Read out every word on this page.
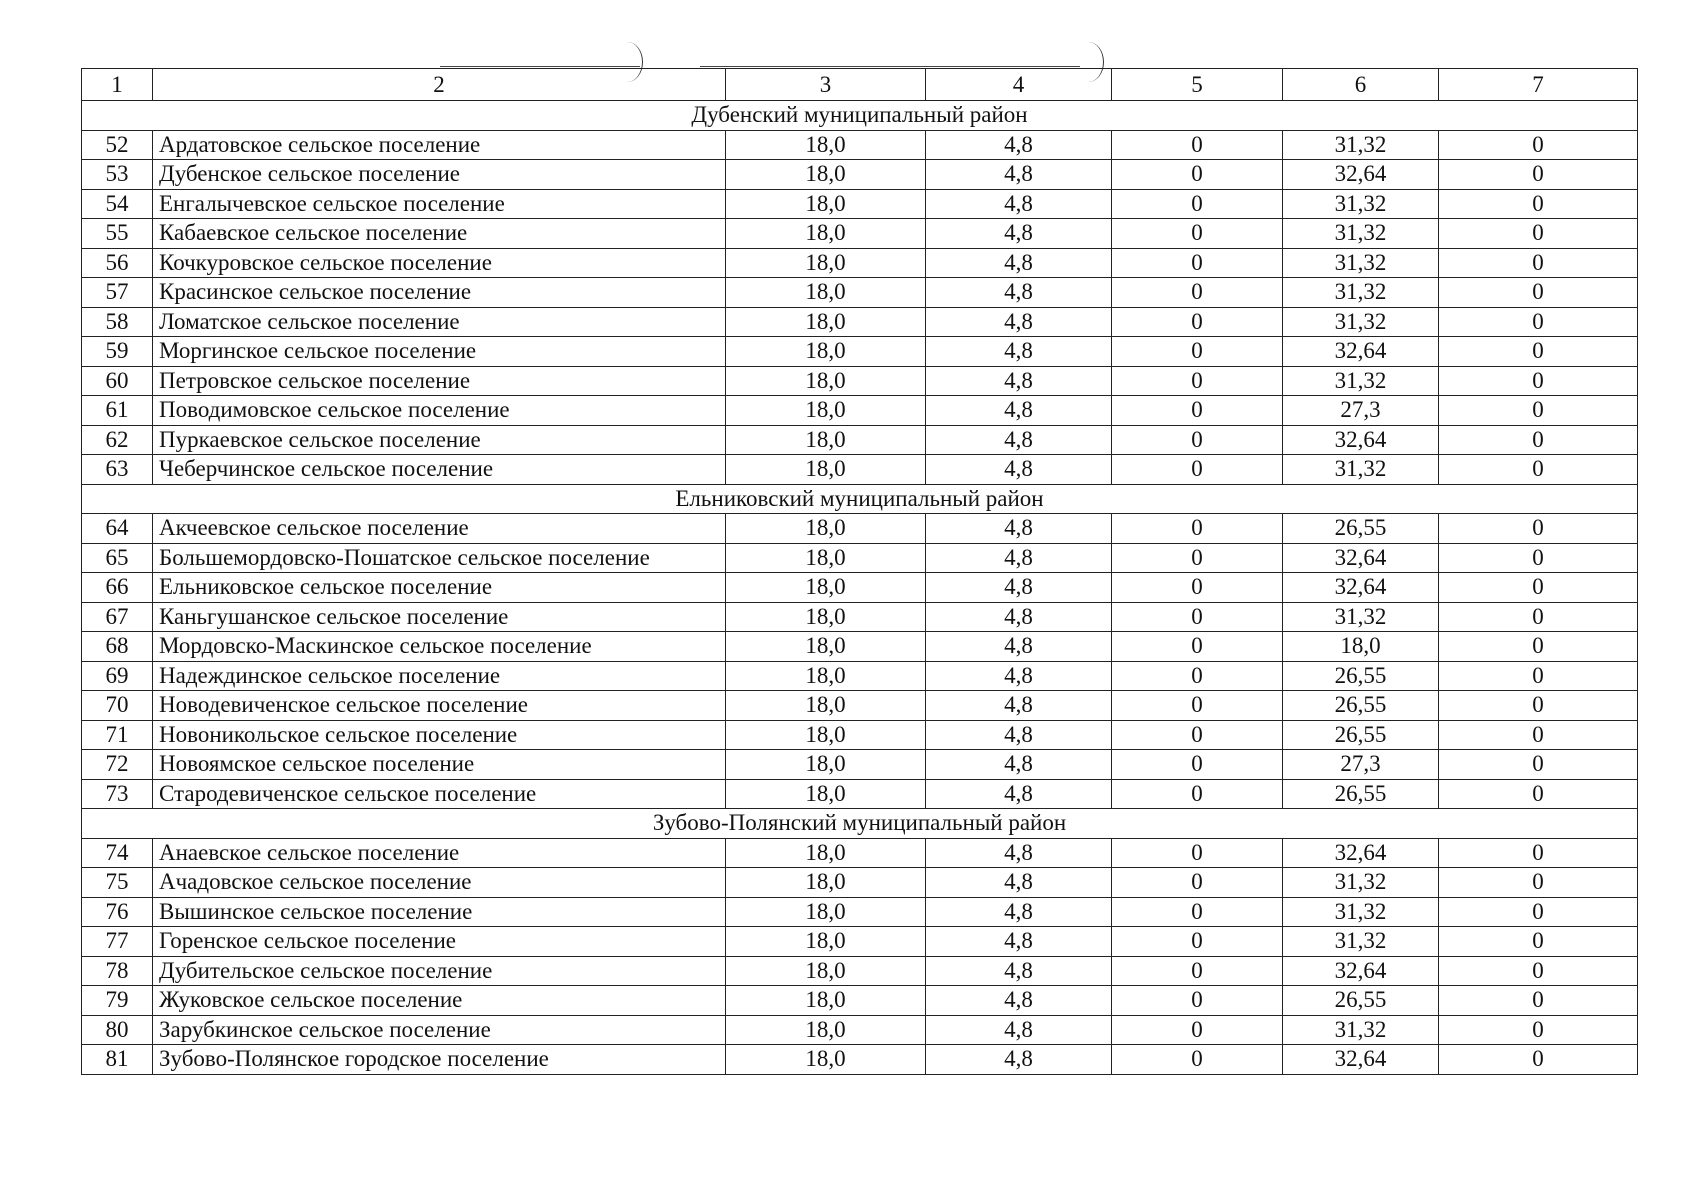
1	2	3	4	5	6	7
Дубенский муниципальный район						
52	Ардатовское сельское поселение	18,0	4,8	0	31,32	0
53	Дубенское сельское поселение	18,0	4,8	0	32,64	0
54	Енгалычевское сельское поселение	18,0	4,8	0	31,32	0
55	Кабаевское сельское поселение	18,0	4,8	0	31,32	0
56	Кочкуровское сельское поселение	18,0	4,8	0	31,32	0
57	Красинское сельское поселение	18,0	4,8	0	31,32	0
58	Ломатское сельское поселение	18,0	4,8	0	31,32	0
59	Моргинское сельское поселение	18,0	4,8	0	32,64	0
60	Петровское сельское поселение	18,0	4,8	0	31,32	0
61	Поводимовское сельское поселение	18,0	4,8	0	27,3	0
62	Пуркаевское сельское поселение	18,0	4,8	0	32,64	0
63	Чеберчинское сельское поселение	18,0	4,8	0	31,32	0
Ельниковский муниципальный район						
64	Акчеевское сельское поселение	18,0	4,8	0	26,55	0
65	Большемордовско-Пошатское сельское поселение	18,0	4,8	0	32,64	0
66	Ельниковское сельское поселение	18,0	4,8	0	32,64	0
67	Каньгушанское сельское поселение	18,0	4,8	0	31,32	0
68	Мордовско-Маскинское сельское поселение	18,0	4,8	0	18,0	0
69	Надеждинское сельское поселение	18,0	4,8	0	26,55	0
70	Новодевиченское сельское поселение	18,0	4,8	0	26,55	0
71	Новоникольское сельское поселение	18,0	4,8	0	26,55	0
72	Новоямское сельское поселение	18,0	4,8	0	27,3	0
73	Стародевиченское сельское поселение	18,0	4,8	0	26,55	0
Зубово-Полянский муниципальный район						
74	Анаевское сельское поселение	18,0	4,8	0	32,64	0
75	Ачадовское сельское поселение	18,0	4,8	0	31,32	0
76	Вышинское сельское поселение	18,0	4,8	0	31,32	0
77	Горенское сельское поселение	18,0	4,8	0	31,32	0
78	Дубительское сельское поселение	18,0	4,8	0	32,64	0
79	Жуковское сельское поселение	18,0	4,8	0	26,55	0
80	Зарубкинское сельское поселение	18,0	4,8	0	31,32	0
81	Зубово-Полянское городское поселение	18,0	4,8	0	32,64	0
